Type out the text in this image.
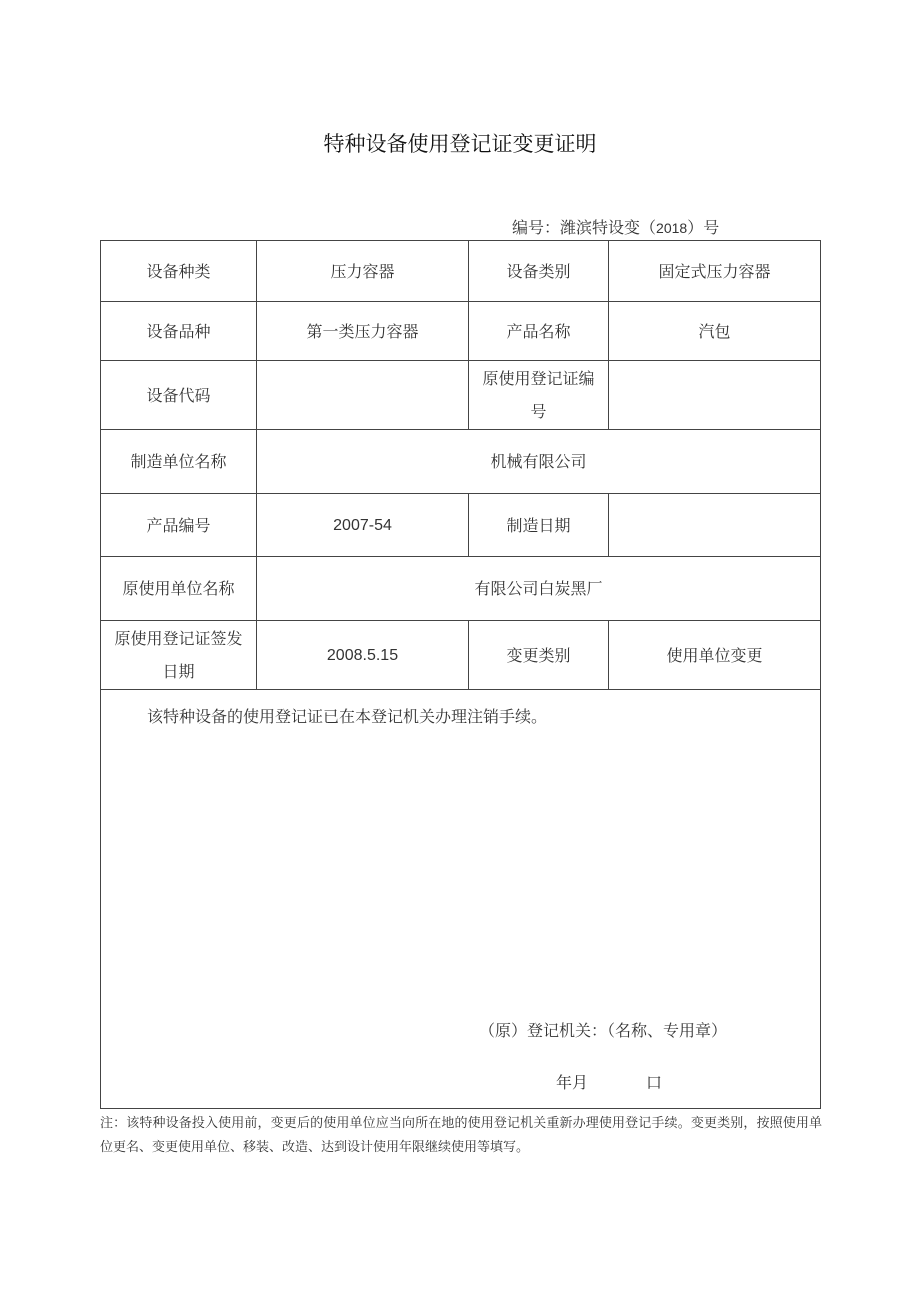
特种设备使用登记证变更证明
编号：潍滨特设变（2018）号
设备种类	压力容器	设备类别	固定式压力容器
设备品种	第一类压力容器	产品名称	汽包
设备代码		原使用登记证编
号	

制造单位名称	机械有限公司		
产品编号	2007-54	制造日期	
原使用单位名称	有限公司白炭黑厂		

原使用登记证签发
日期	2008.5.15	变更类别	使用单位变更

该特种设备的使用登记证已在本登记机关办理注销手续。
（原）登记机关：（名称、专用章）
年月 口			
注：该特种设备投入使用前，变更后的使用单位应当向所在地的使用登记机关重新办理使用登记手续。变更类别，按照使用单位更名、变更使用单位、移装、改造、达到设计使用年限继续使用等填写。
